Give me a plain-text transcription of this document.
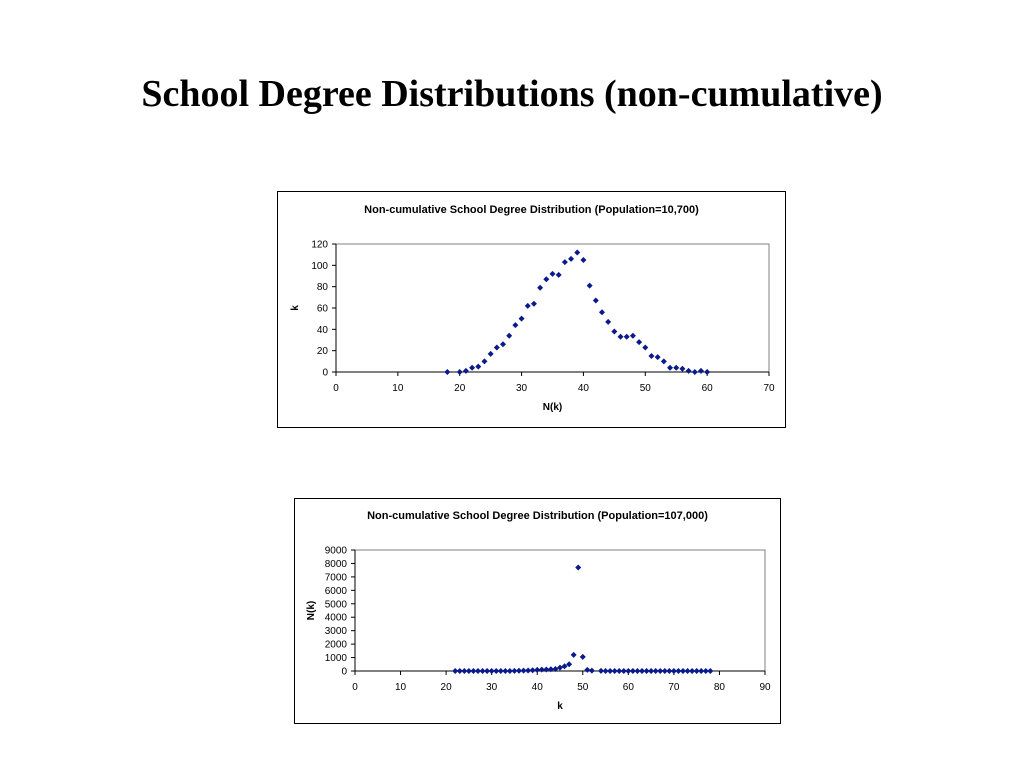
School Degree Distributions (non-cumulative)
Non-cumulative School Degree Distribution (Population=10,700)
0
20
40
60
80
100
120
0	10	20	30	40	50	60	70
N(k)
k
Non-cumulative School Degree Distribution (Population=107,000)
0
1000
2000
3000
4000
5000
6000
7000
8000
9000
0	10	20	30	40	50	60	70	80	90
k
N(k)
